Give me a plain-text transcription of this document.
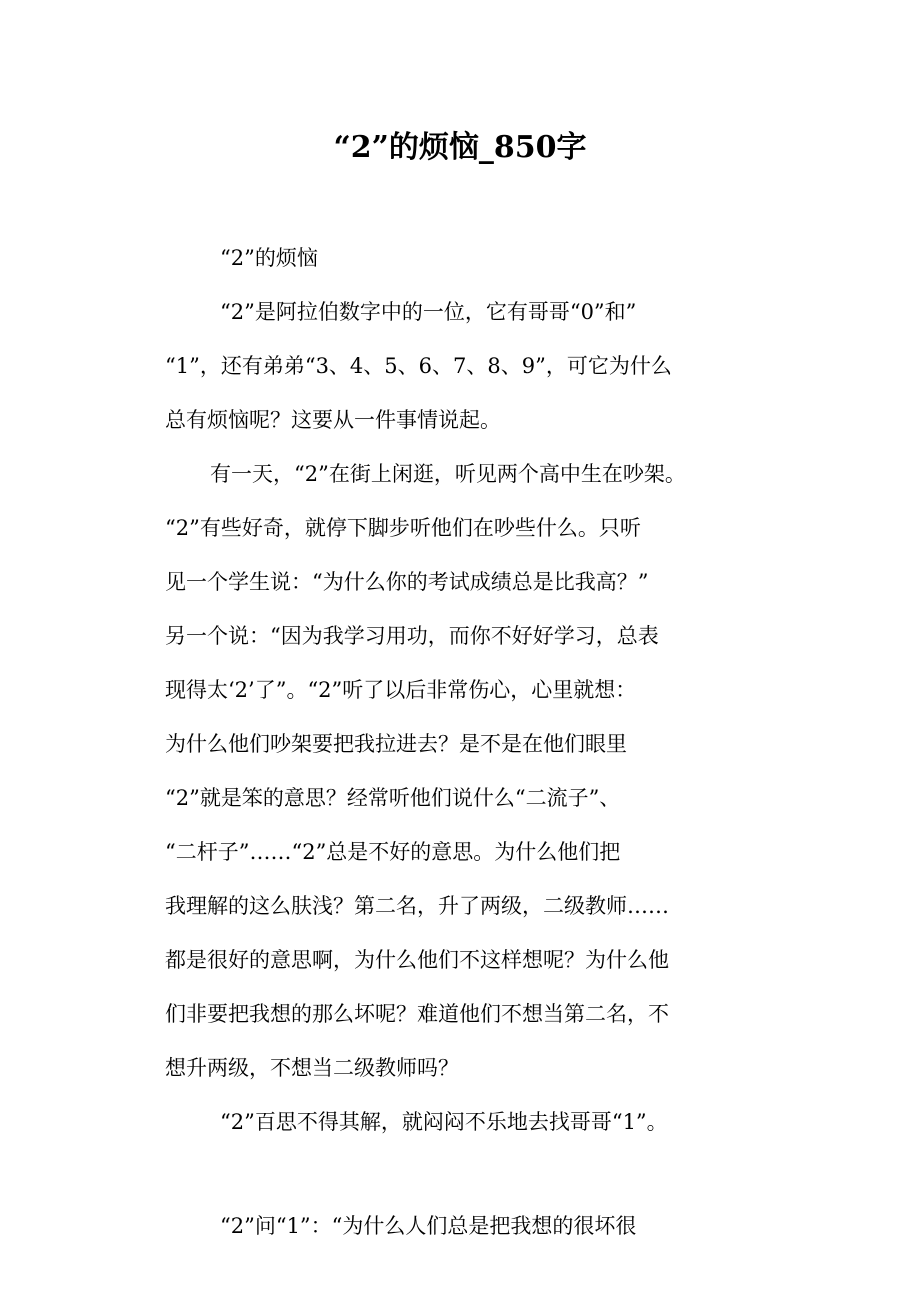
“2”的烦恼_850字
“2”的烦恼
“2”是阿拉伯数字中的一位，它有哥哥“0”和”
“1”，还有弟弟“3、4、5、6、7、8、9”，可它为什么
总有烦恼呢？这要从一件事情说起。
有一天，“2”在街上闲逛，听见两个高中生在吵架。
“2”有些好奇，就停下脚步听他们在吵些什么。只听
见一个学生说：“为什么你的考试成绩总是比我高？”
另一个说：“因为我学习用功，而你不好好学习，总表
现得太‘2’了”。“2”听了以后非常伤心，心里就想：
为什么他们吵架要把我拉进去？是不是在他们眼里
“2”就是笨的意思？经常听他们说什么“二流子”、
“二杆子”……“2”总是不好的意思。为什么他们把
我理解的这么肤浅？第二名，升了两级，二级教师……
都是很好的意思啊，为什么他们不这样想呢？为什么他
们非要把我想的那么坏呢？难道他们不想当第二名，不
想升两级，不想当二级教师吗？
“2”百思不得其解，就闷闷不乐地去找哥哥“1”。
“2”问“1”：“为什么人们总是把我想的很坏很
